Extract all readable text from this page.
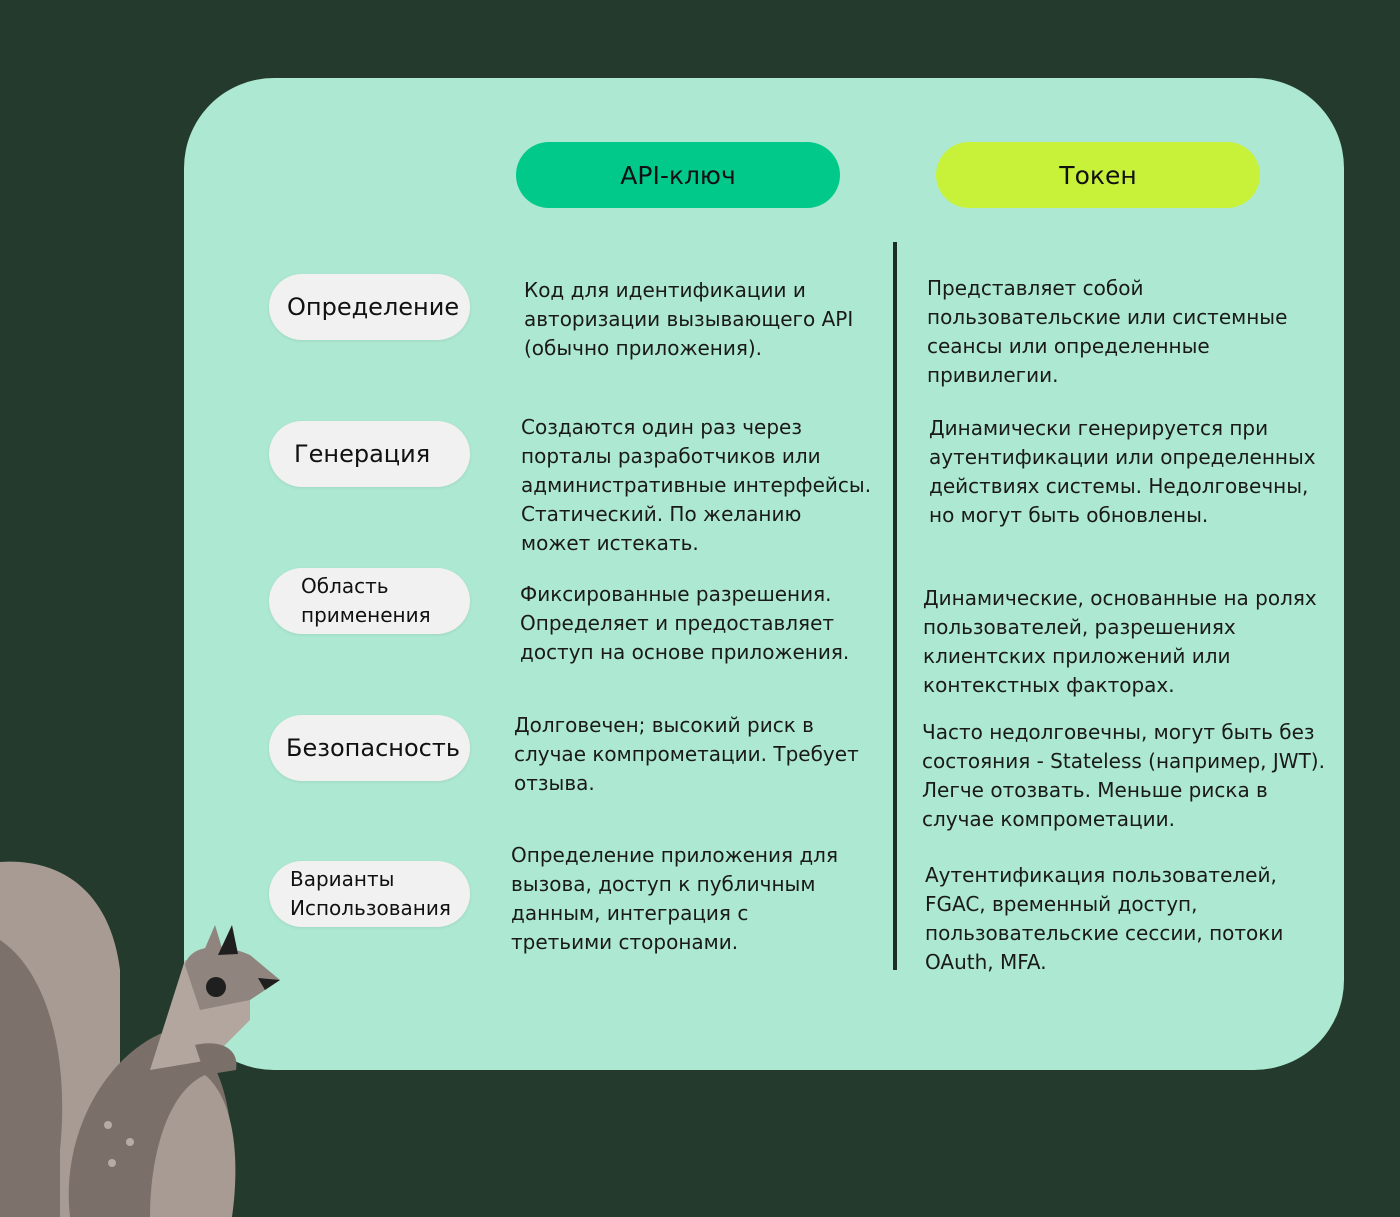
API-ключ	Токен
Определение
Код для идентификации и авторизации вызывающего API (обычно приложения).
Представляет собой пользовательские или системные сеансы или определенные привилегии.
Генерация
Создаются один раз через порталы разработчиков или административные интерфейсы. Статический. По желанию может истекать.
Динамически генерируется при аутентификации или определенных действиях системы. Недолговечны, но могут быть обновлены.
Область применения
Фиксированные разрешения. Определяет и предоставляет доступ на основе приложения.
Динамические, основанные на ролях пользователей, разрешениях клиентских приложений или контекстных факторах.
Безопасность
Долговечен; высокий риск в случае компрометации. Требует отзыва.
Часто недолговечны, могут быть без состояния - Stateless (например, JWT). Легче отозвать. Меньше риска в случае компрометации.
Варианты Использования
Определение приложения для вызова, доступ к публичным данным, интеграция с третьими сторонами.
Аутентификация пользователей, FGAC, временный доступ, пользовательские сессии, потоки OAuth, MFA.
